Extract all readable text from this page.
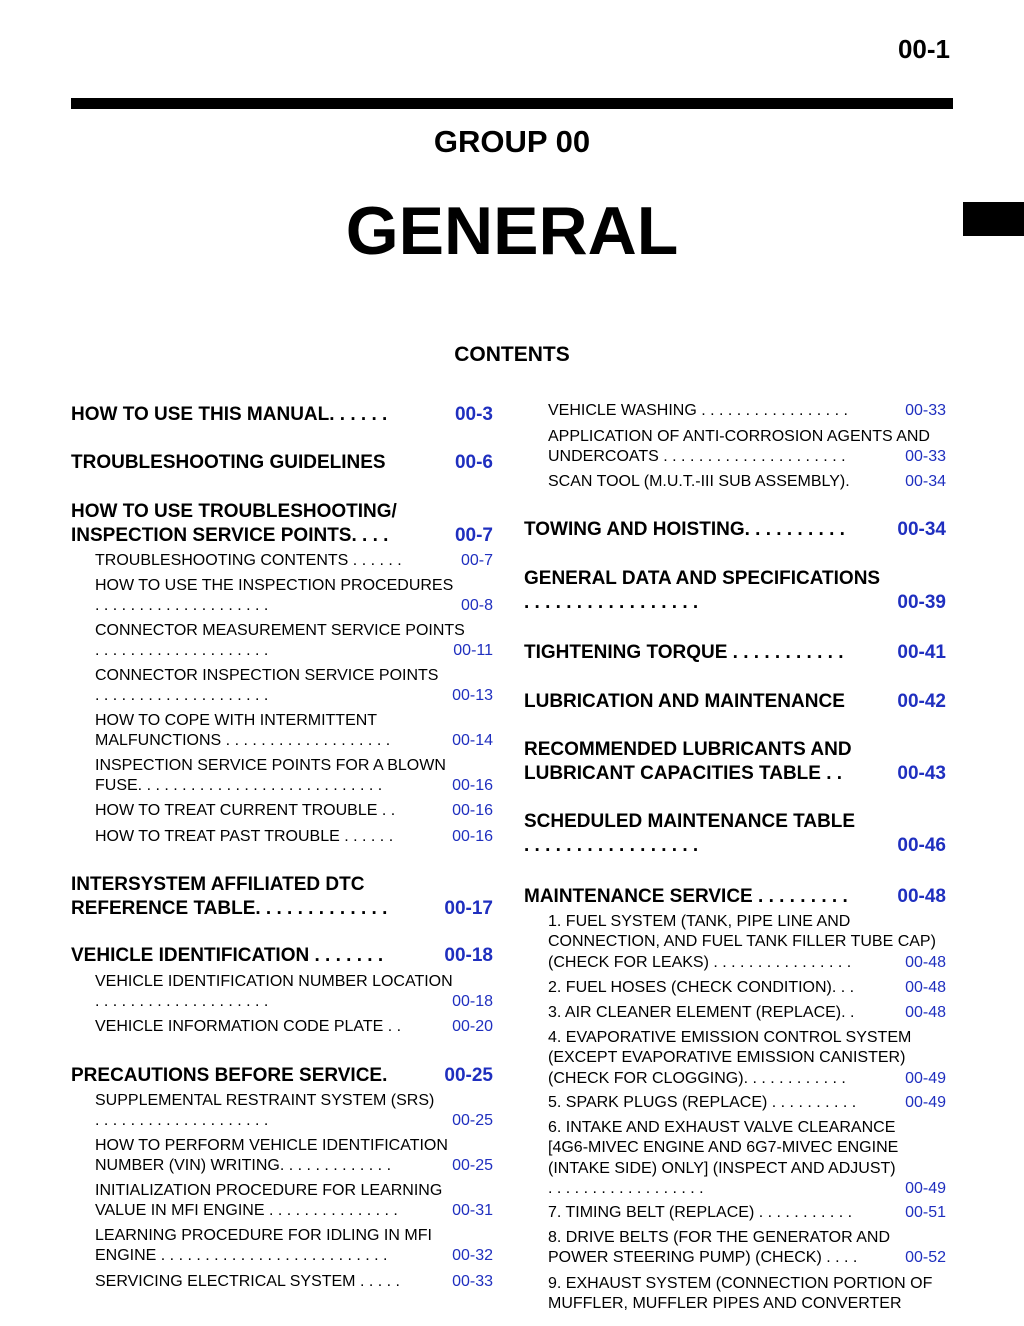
00-1
GROUP 00
GENERAL
CONTENTS
HOW TO USE THIS MANUAL. . . . . .	00-3
TROUBLESHOOTING GUIDELINES	00-6
HOW TO USE TROUBLESHOOTING/
INSPECTION SERVICE POINTS. . . .	00-7
TROUBLESHOOTING CONTENTS . . . . . .	00-7
HOW TO USE THE INSPECTION PROCEDURES
. . . . . . . . . . . . . . . . . . . .	00-8
CONNECTOR MEASUREMENT SERVICE POINTS
. . . . . . . . . . . . . . . . . . . .	00-11
CONNECTOR INSPECTION SERVICE POINTS
. . . . . . . . . . . . . . . . . . . .	00-13
HOW TO COPE WITH INTERMITTENT
MALFUNCTIONS . . . . . . . . . . . . . . . . . . .	00-14
INSPECTION SERVICE POINTS FOR A BLOWN
FUSE. . . . . . . . . . . . . . . . . . . . . . . . . . . .	00-16
HOW TO TREAT CURRENT TROUBLE . .	00-16
HOW TO TREAT PAST TROUBLE . . . . . .	00-16
INTERSYSTEM AFFILIATED DTC
REFERENCE TABLE. . . . . . . . . . . . .	00-17
VEHICLE IDENTIFICATION . . . . . . .	00-18
VEHICLE IDENTIFICATION NUMBER LOCATION
. . . . . . . . . . . . . . . . . . . .	00-18
VEHICLE INFORMATION CODE PLATE . .	00-20
PRECAUTIONS BEFORE SERVICE.	00-25
SUPPLEMENTAL RESTRAINT SYSTEM (SRS)
. . . . . . . . . . . . . . . . . . . .	00-25
HOW TO PERFORM VEHICLE IDENTIFICATION
NUMBER (VIN) WRITING. . . . . . . . . . . . .	00-25
INITIALIZATION PROCEDURE FOR LEARNING
VALUE IN MFI ENGINE . . . . . . . . . . . . . . .	00-31
LEARNING PROCEDURE FOR IDLING IN MFI
ENGINE . . . . . . . . . . . . . . . . . . . . . . . . . .	00-32
SERVICING ELECTRICAL SYSTEM . . . . .	00-33
VEHICLE WASHING . . . . . . . . . . . . . . . . .	00-33
APPLICATION OF ANTI-CORROSION AGENTS AND
UNDERCOATS . . . . . . . . . . . . . . . . . . . . .	00-33
SCAN TOOL (M.U.T.-III SUB ASSEMBLY).	00-34
TOWING AND HOISTING. . . . . . . . . .	00-34
GENERAL DATA AND SPECIFICATIONS
. . . . . . . . . . . . . . . . .	00-39
TIGHTENING TORQUE . . . . . . . . . . .	00-41
LUBRICATION AND MAINTENANCE	00-42
RECOMMENDED LUBRICANTS AND
LUBRICANT CAPACITIES TABLE . .	00-43
SCHEDULED MAINTENANCE TABLE
. . . . . . . . . . . . . . . . .	00-46
MAINTENANCE SERVICE . . . . . . . . .	00-48
1. FUEL SYSTEM (TANK, PIPE LINE AND
CONNECTION, AND FUEL TANK FILLER TUBE CAP)
(CHECK FOR LEAKS) . . . . . . . . . . . . . . . .	00-48
2. FUEL HOSES (CHECK CONDITION). . .	00-48
3. AIR CLEANER ELEMENT (REPLACE). .	00-48
4. EVAPORATIVE EMISSION CONTROL SYSTEM
(EXCEPT EVAPORATIVE EMISSION CANISTER)
(CHECK FOR CLOGGING). . . . . . . . . . . .	00-49
5. SPARK PLUGS (REPLACE) . . . . . . . . . .	00-49
6. INTAKE AND EXHAUST VALVE CLEARANCE
[4G6-MIVEC ENGINE AND 6G7-MIVEC ENGINE
(INTAKE SIDE) ONLY] (INSPECT AND ADJUST)
. . . . . . . . . . . . . . . . . .	00-49
7. TIMING BELT (REPLACE) . . . . . . . . . . .	00-51
8. DRIVE BELTS (FOR THE GENERATOR AND
POWER STEERING PUMP) (CHECK) . . . .	00-52
9. EXHAUST SYSTEM (CONNECTION PORTION OF
MUFFLER, MUFFLER PIPES AND CONVERTER
